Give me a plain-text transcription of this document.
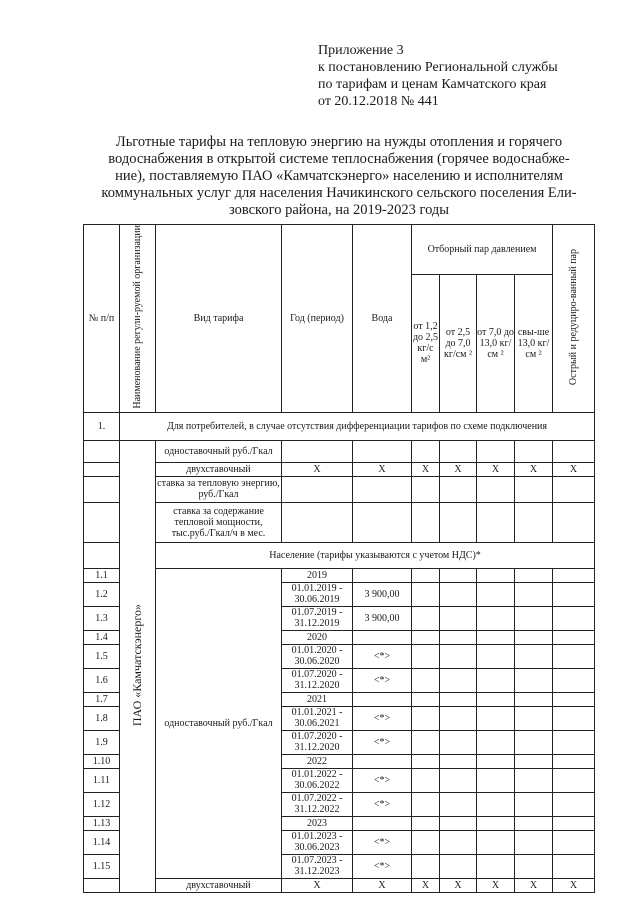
Приложение 3
к постановлению Региональной службы
по тарифам и ценам Камчатского края
от 20.12.2018 № 441
Льготные тарифы на тепловую энергию на нужды отопления и горячего
водоснабжения в открытой системе теплоснабжения (горячее водоснабже-
ние), поставляемую ПАО «Камчатскэнерго» населению и исполнителям
коммунальных услуг для населения Начикинского сельского поселения Ели-
зовского района, на 2019-2023 годы
№ п/п	Наименование регули-руемой организации	Вид тарифа	Год (период)	Вода	Отборный пар давлением				Острый и редуциро-ванный пар
					от 1,2 до 2,5 кг/с м²	от 2,5 до 7,0 кг/см ²	от 7,0 до 13,0 кг/см ²	свы-ше 13,0 кг/см ²	
1.	Для потребителей, в случае отсутствия дифференциации тарифов по схеме подключения								
	ПАО «Камчатскэнерго»	одноставочный руб./Гкал							
		двухставочный	X	X	X	X	X	X	X
		ставка за тепловую энергию, руб./Гкал							
		ставка за содержание тепловой мощности, тыс.руб./Гкал/ч в мес.							
		Население (тарифы указываются с учетом НДС)*							
1.1		одноставочный руб./Гкал	2019						
1.2			01.01.2019 - 30.06.2019	3 900,00					
1.3			01.07.2019 - 31.12.2019	3 900,00					
1.4			2020						
1.5			01.01.2020 - 30.06.2020	<*>					
1.6			01.07.2020 - 31.12.2020	<*>					
1.7			2021						
1.8			01.01.2021 - 30.06.2021	<*>					
1.9			01.07.2020 - 31.12.2020	<*>					
1.10			2022						
1.11			01.01.2022 - 30.06.2022	<*>					
1.12			01.07.2022 - 31.12.2022	<*>					
1.13			2023						
1.14			01.01.2023 - 30.06.2023	<*>					
1.15			01.07.2023 - 31.12.2023	<*>					
		двухставочный	X	X	X	X	X	X	X
